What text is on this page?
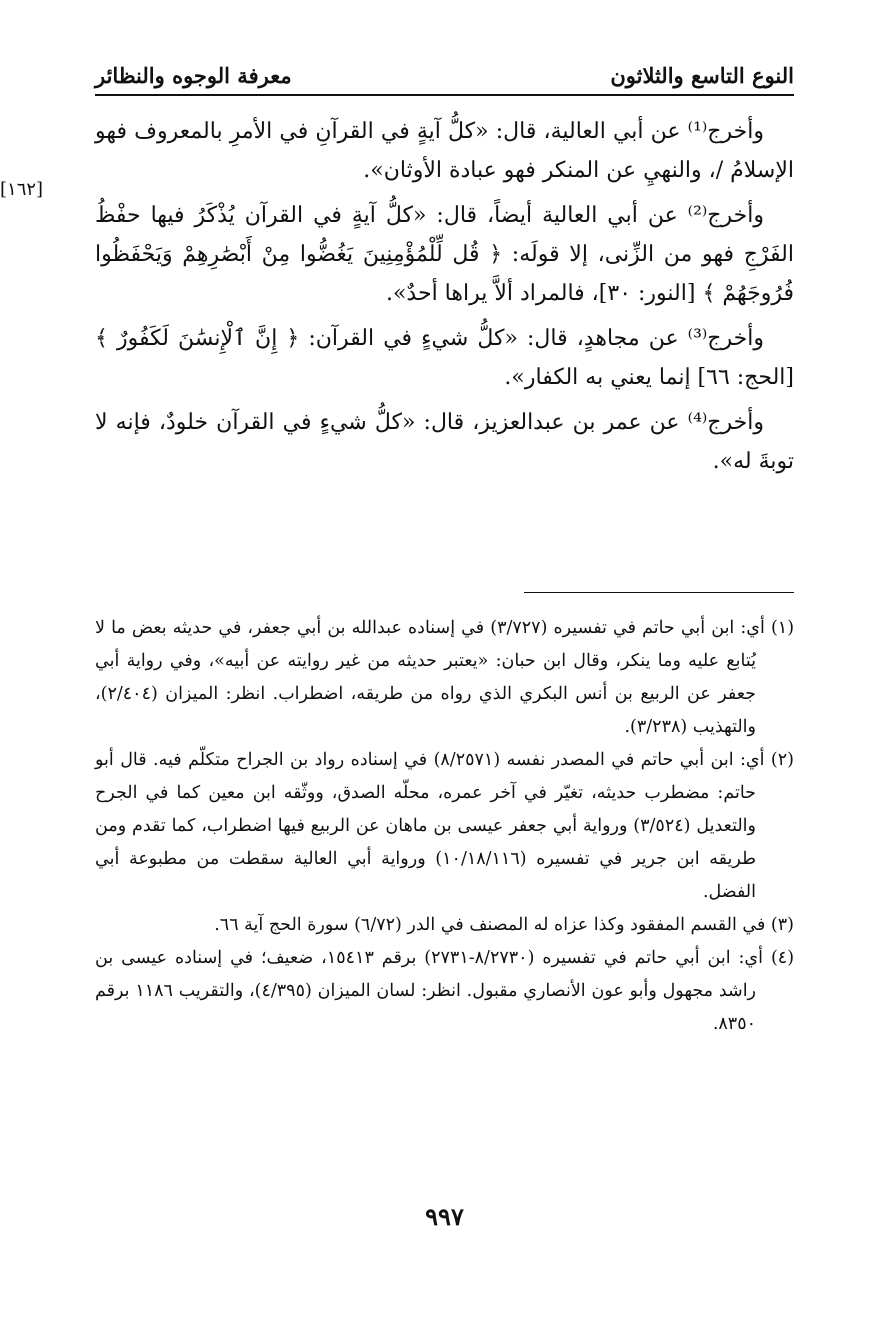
النوع التاسع والثلاثون
معرفة الوجوه والنظائر
[١٦٢]

وأخرج⁽¹⁾ عن أبي العالية، قال: «كلُّ آيةٍ في القرآنِ في الأمرِ بالمعروف فهو الإسلامُ /، والنهيِ عن المنكر فهو عبادة الأوثان».

وأخرج⁽²⁾ عن أبي العالية أيضاً، قال: «كلُّ آيةٍ في القرآن يُذْكَرُ فيها حفْظُ الفَرْجِ فهو من الزِّنى، إلا قولَه: ﴿ قُل لِّلْمُؤْمِنِينَ يَغُضُّوا مِنْ أَبْصَٰرِهِمْ وَيَحْفَظُوا فُرُوجَهُمْ ﴾ [النور: ٣٠]، فالمراد ألاَّ يراها أحدٌ».

وأخرج⁽³⁾ عن مجاهدٍ، قال: «كلُّ شيءٍ في القرآن: ﴿ إِنَّ ٱلْإِنسَٰنَ لَكَفُورٌ ﴾ [الحج: ٦٦] إنما يعني به الكفار».

وأخرج⁽⁴⁾ عن عمر بن عبدالعزيز، قال: «كلُّ شيءٍ في القرآن خلودٌ، فإنه لا توبةَ له».

(١) أي: ابن أبي حاتم في تفسيره (٣/٧٢٧) في إسناده عبدالله بن أبي جعفر، في حديثه بعض ما لا يُتابع عليه وما ينكر، وقال ابن حبان: «يعتبر حديثه من غير روايته عن أبيه»، وفي رواية أبي جعفر عن الربيع بن أنس البكري الذي رواه من طريقه، اضطراب. انظر: الميزان (٢/٤٠٤)، والتهذيب (٣/٢٣٨).

(٢) أي: ابن أبي حاتم في المصدر نفسه (٨/٢٥٧١) في إسناده رواد بن الجراح متكلّم فيه. قال أبو حاتم: مضطرب حديثه، تغيّر في آخر عمره، محلّه الصدق، ووثّقه ابن معين كما في الجرح والتعديل (٣/٥٢٤) ورواية أبي جعفر عيسى بن ماهان عن الربيع فيها اضطراب، كما تقدم ومن طريقه ابن جرير في تفسيره (١٠/١٨/١١٦) ورواية أبي العالية سقطت من مطبوعة أبي الفضل.

(٣) في القسم المفقود وكذا عزاه له المصنف في الدر (٦/٧٢) سورة الحج آية ٦٦.

(٤) أي: ابن أبي حاتم في تفسيره (٨/٢٧٣٠-٢٧٣١) برقم ١٥٤١٣، ضعيف؛ في إسناده عيسى بن راشد مجهول وأبو عون الأنصاري مقبول. انظر: لسان الميزان (٤/٣٩٥)، والتقريب ١١٨٦ برقم ٨٣٥٠.

٩٩٧
